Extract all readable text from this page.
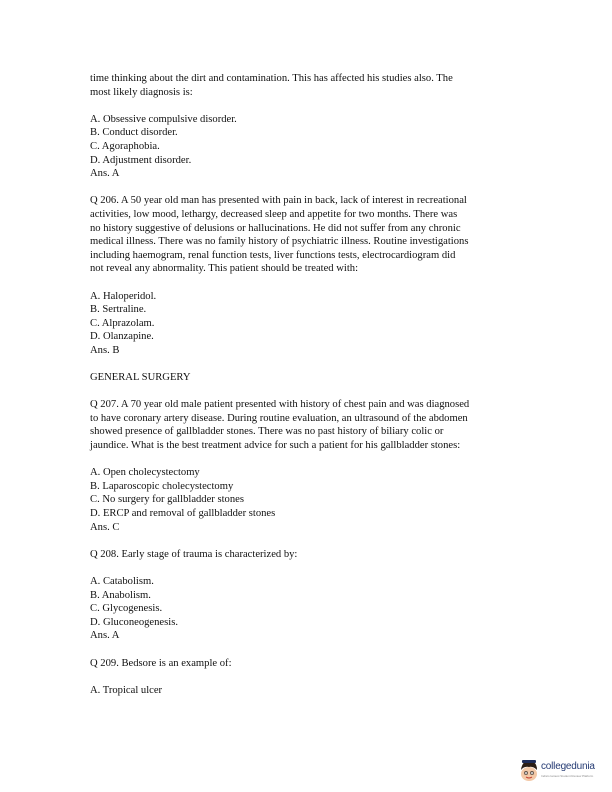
time thinking about the dirt and contamination. This has affected his studies also. The
most likely diagnosis is:
A. Obsessive compulsive disorder.
B. Conduct disorder.
C. Agoraphobia.
D. Adjustment disorder.
Ans. A
Q 206. A 50 year old man has presented with pain in back, lack of interest in recreational
activities, low mood, lethargy, decreased sleep and appetite for two months. There was
no history suggestive of delusions or hallucinations. He did not suffer from any chronic
medical illness. There was no family history of psychiatric illness. Routine investigations
including haemogram, renal function tests, liver functions tests, electrocardiogram did
not reveal any abnormality. This patient should be treated with:
A. Haloperidol.
B. Sertraline.
C. Alprazolam.
D. Olanzapine.
Ans. B
GENERAL SURGERY
Q 207. A 70 year old male patient presented with history of chest pain and was diagnosed
to have coronary artery disease. During routine evaluation, an ultrasound of the abdomen
showed presence of gallbladder stones. There was no past history of biliary colic or
jaundice. What is the best treatment advice for such a patient for his gallbladder stones:
A. Open cholecystectomy
B. Laparoscopic cholecystectomy
C. No surgery for gallbladder stones
D. ERCP and removal of gallbladder stones
Ans. C
Q 208. Early stage of trauma is characterized by:
A. Catabolism.
B. Anabolism.
C. Glycogenesis.
D. Gluconeogenesis.
Ans. A
Q 209. Bedsore is an example of:
A. Tropical ulcer
collegedunia
India's largest Student Review Platform
